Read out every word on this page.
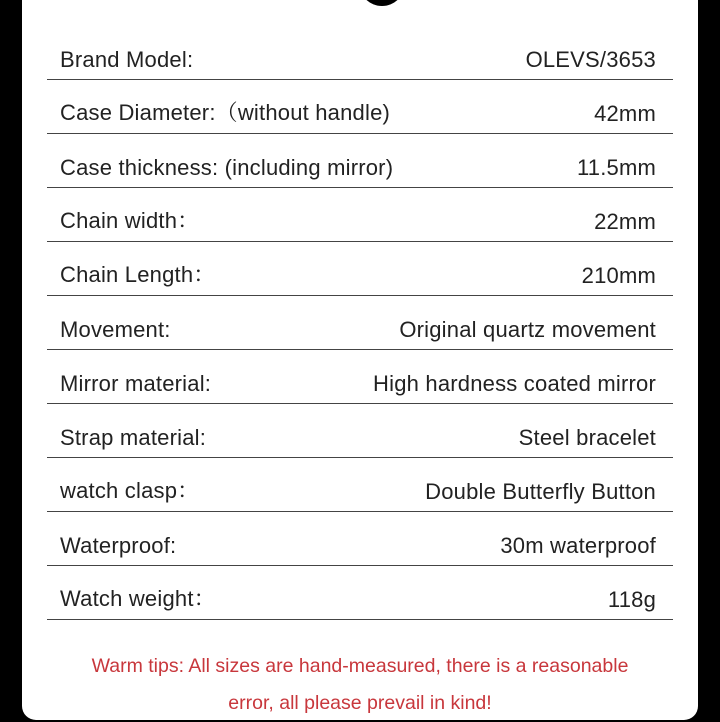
Brand Model:	OLEVS/3653
Case Diameter:（without handle)	42mm
Case thickness: (including mirror)	11.5mm
Chain width：	22mm
Chain Length：	210mm
Movement:	Original quartz movement
Mirror material:	High hardness coated mirror
Strap material:	Steel bracelet
watch clasp：	Double Butterfly Button
Waterproof:	30m waterproof
Watch weight：	118g
Warm tips: All sizes are hand-measured, there is a reasonable
error, all please prevail in kind!
